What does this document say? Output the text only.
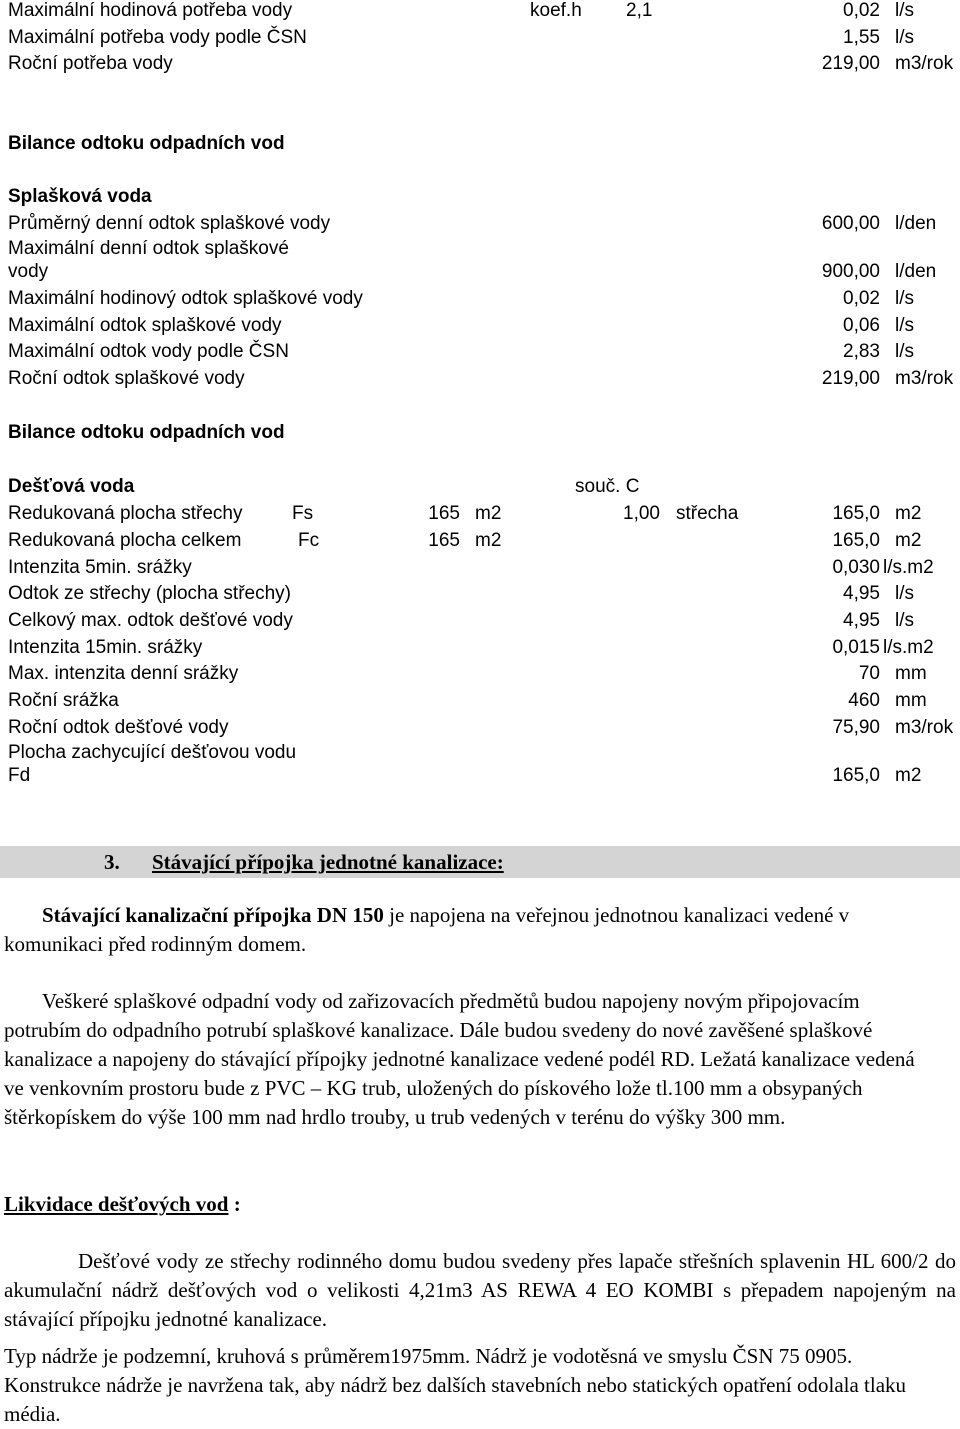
Maximální hodinová potřeba vody	koef.h 2,1	0,02 l/s
Maximální potřeba vody podle ČSN	1,55 l/s
Roční potřeba vody	219,00 m3/rok
Bilance odtoku odpadních vod
Splašková voda
Průměrný denní odtok splaškové vody	600,00 l/den
Maximální denní odtok splaškové
vody	900,00 l/den
Maximální hodinový odtok splaškové vody	0,02 l/s
Maximální odtok splaškové vody	0,06 l/s
Maximální odtok vody podle ČSN	2,83 l/s
Roční odtok splaškové vody	219,00 m3/rok
Bilance odtoku odpadních vod
Dešťová voda	souč. C
Redukovaná plocha střechy	Fs	165 m2	1,00 střecha	165,0 m2
Redukovaná plocha celkem	Fc	165 m2	165,0 m2
Intenzita 5min. srážky	0,030 l/s.m2
Odtok ze střechy (plocha střechy)	4,95 l/s
Celkový max. odtok dešťové vody	4,95 l/s
Intenzita 15min. srážky	0,015 l/s.m2
Max. intenzita denní srážky	70 mm
Roční srážka	460 mm
Roční odtok dešťové vody	75,90 m3/rok
Plocha zachycující dešťovou vodu
Fd	165,0 m2
3. Stávající přípojka jednotné kanalizace:
Stávající kanalizační přípojka DN 150 je napojena na veřejnou jednotnou kanalizaci vedené v komunikaci před rodinným domem.
Veškeré splaškové odpadní vody od zařizovacích předmětů budou napojeny novým připojovacím potrubím do odpadního potrubí splaškové kanalizace. Dále budou svedeny do nové zavěšené splaškové kanalizace a napojeny do stávající přípojky jednotné kanalizace vedené podél RD. Ležatá kanalizace vedená ve venkovním prostoru bude z PVC – KG trub, uložených do pískového lože tl.100 mm a obsypaných štěrkopískem do výše 100 mm nad hrdlo trouby, u trub vedených v terénu do výšky 300 mm.
Likvidace dešťových vod :
Dešťové vody ze střechy rodinného domu budou svedeny přes lapače střešních splavenin HL 600/2 do akumulační nádrž dešťových vod o velikosti 4,21m3 AS REWA 4 EO KOMBI s přepadem napojeným na stávající přípojku jednotné kanalizace.
Typ nádrže je podzemní, kruhová s průměrem1975mm. Nádrž je vodotěsná ve smyslu ČSN 75 0905. Konstrukce nádrže je navržena tak, aby nádrž bez dalších stavebních nebo statických opatření odolala tlaku média.
